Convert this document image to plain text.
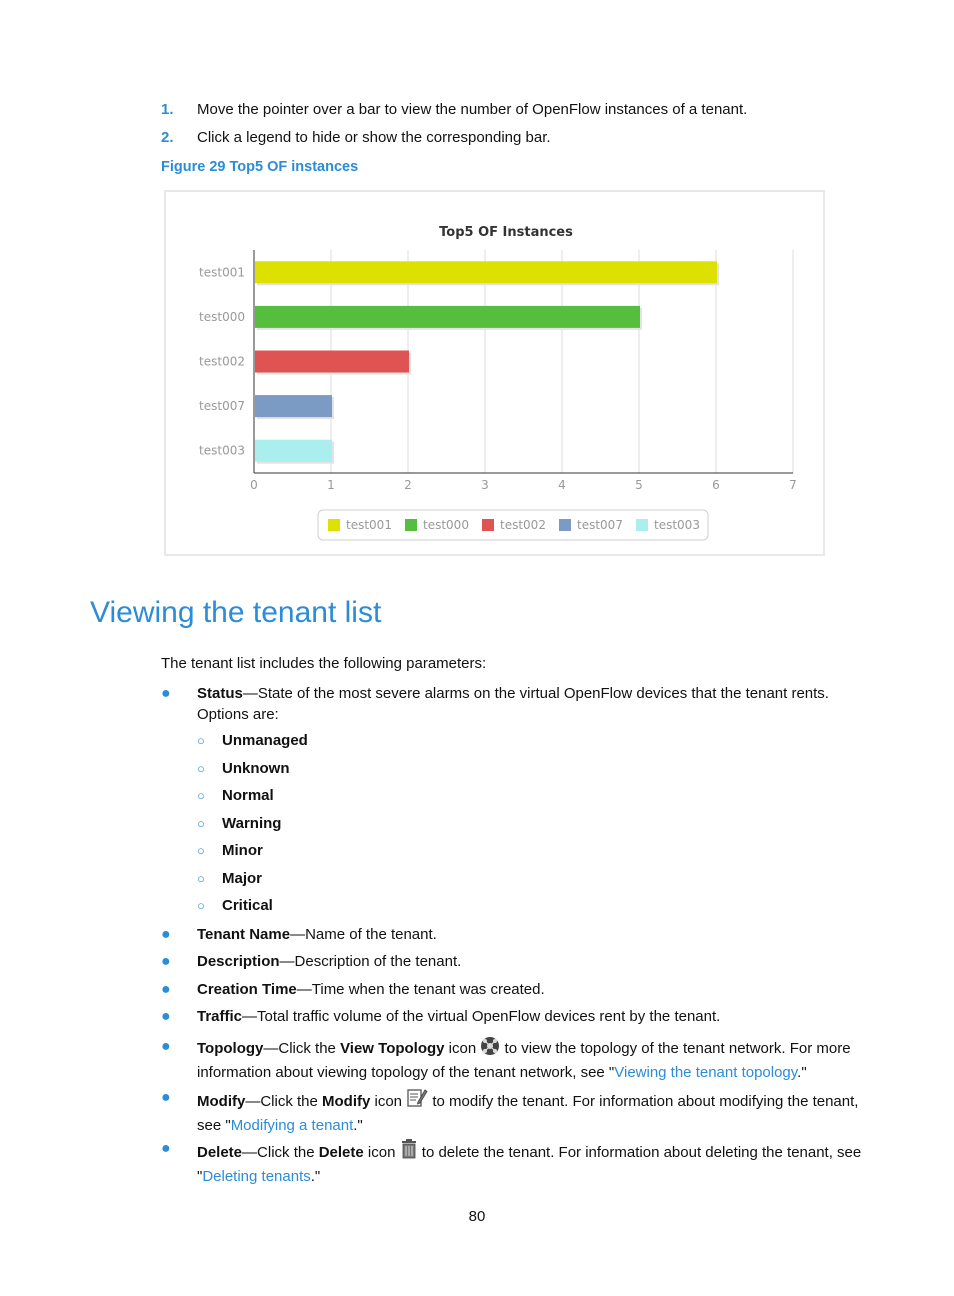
1. Move the pointer over a bar to view the number of OpenFlow instances of a tenant.
2. Click a legend to hide or show the corresponding bar.
Figure 29 Top5 OF instances
Top5 OF Instances
0	1	2	3	4	5	6	7
test001
test000
test002
test007
test003
test001	test000	test002	test007	test003
Viewing the tenant list
The tenant list includes the following parameters:
● Status—State of the most severe alarms on the virtual OpenFlow devices that the tenant rents. Options are:
○ Unmanaged
○ Unknown
○ Normal
○ Warning
○ Minor
○ Major
○ Critical
● Tenant Name—Name of the tenant.
● Description—Description of the tenant.
● Creation Time—Time when the tenant was created.
● Traffic—Total traffic volume of the virtual OpenFlow devices rent by the tenant.
● Topology—Click the View Topology icon  to view the topology of the tenant network. For more information about viewing topology of the tenant network, see "Viewing the tenant topology."
● Modify—Click the Modify icon  to modify the tenant. For information about modifying the tenant, see "Modifying a tenant."
● Delete—Click the Delete icon  to delete the tenant. For information about deleting the tenant, see "Deleting tenants."
80
